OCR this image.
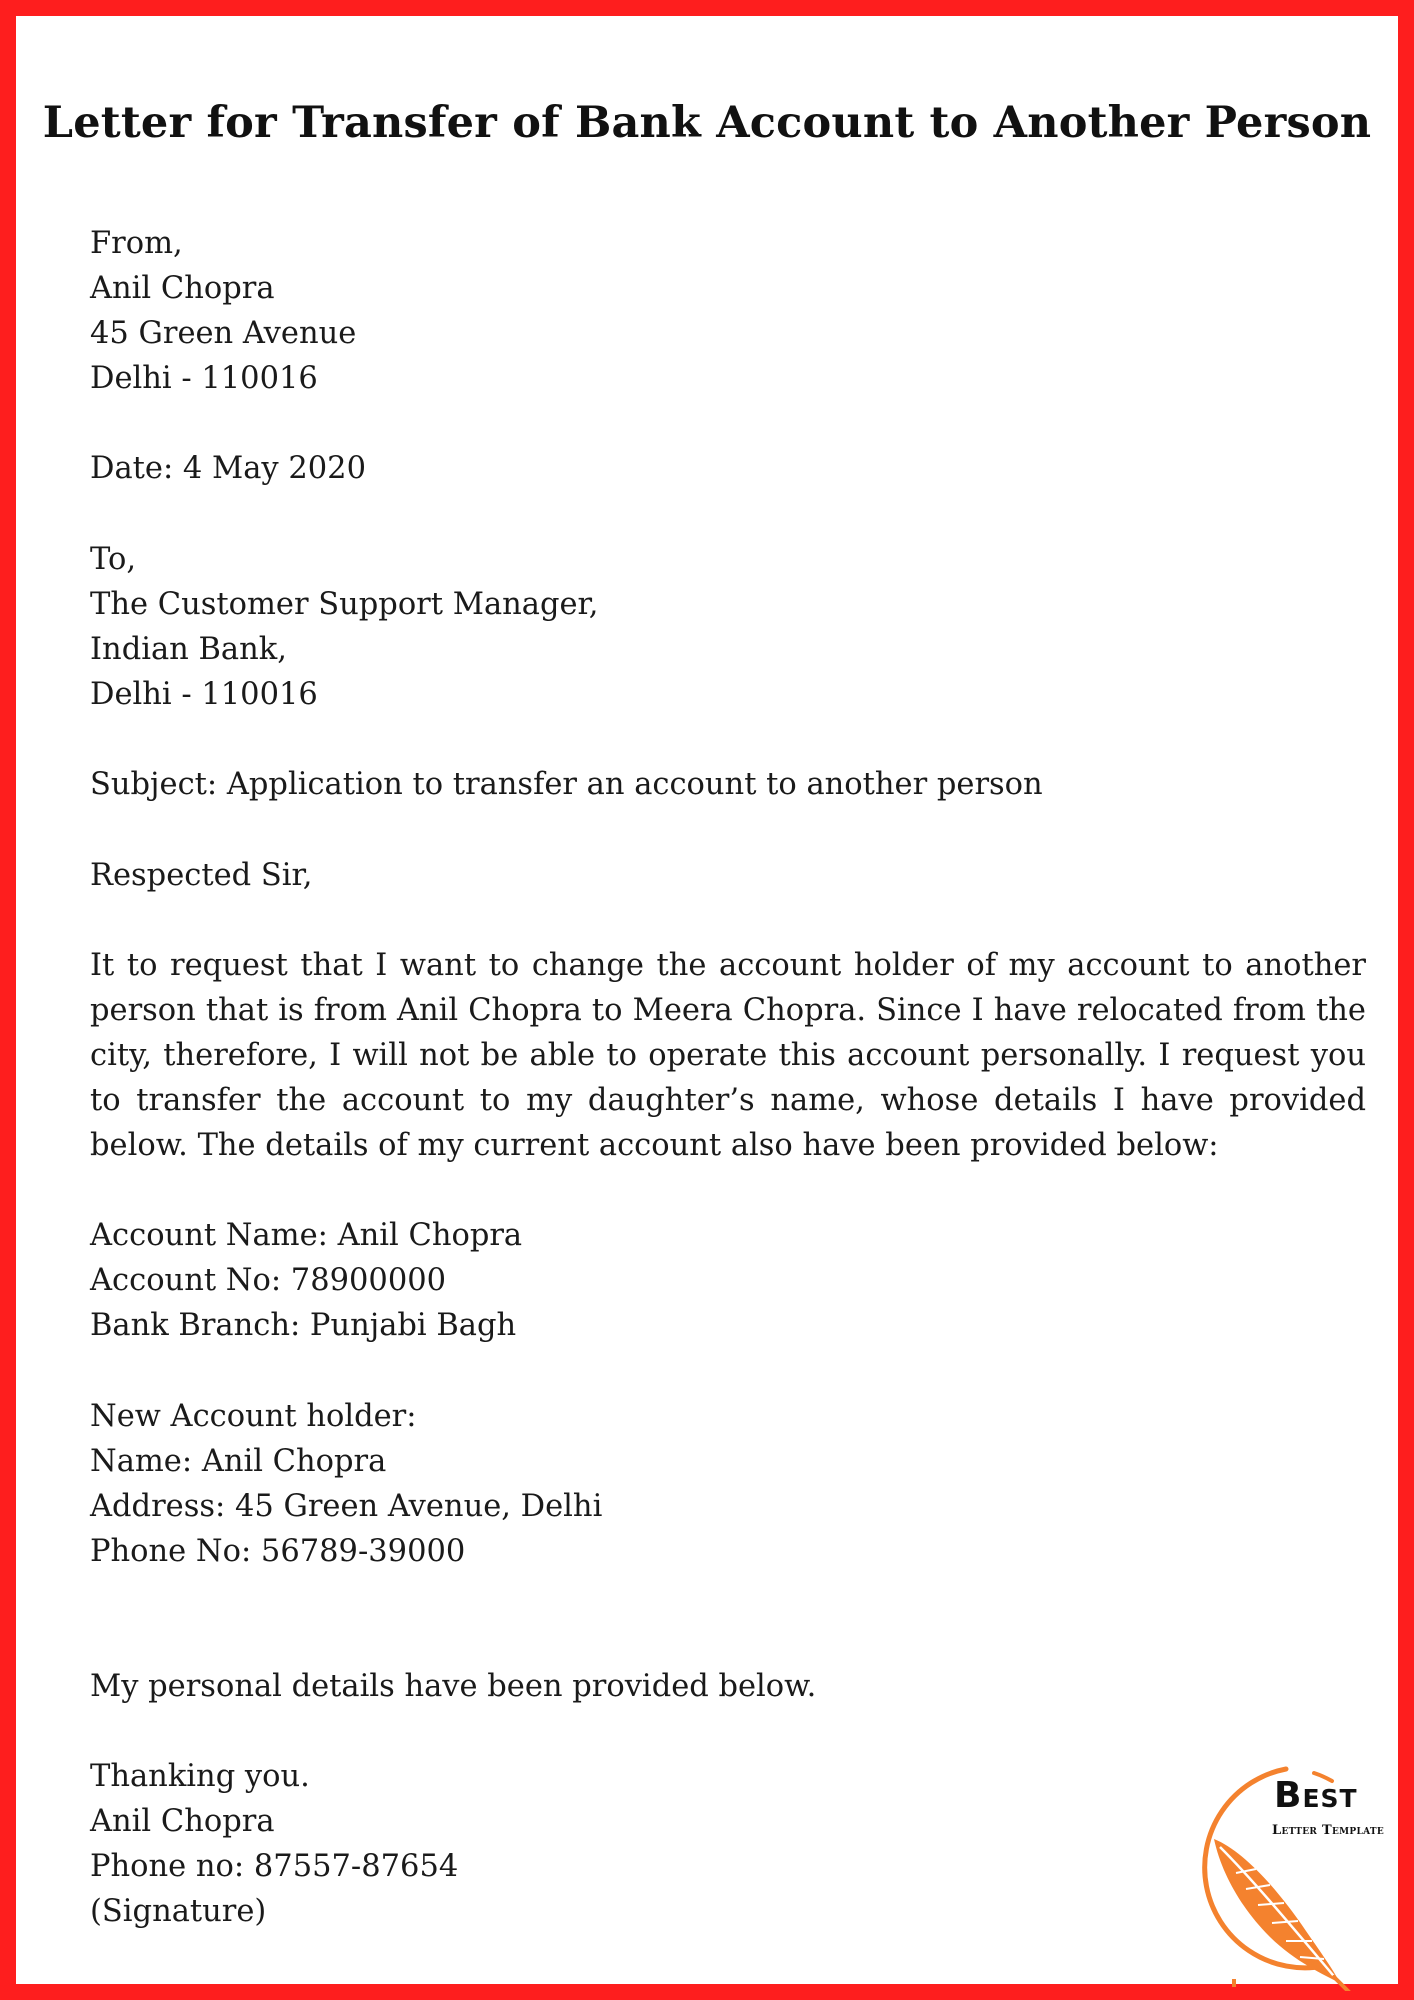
Letter for Transfer of Bank Account to Another Person
From,
Anil Chopra
45 Green Avenue
Delhi - 110016
Date: 4 May 2020
To,
The Customer Support Manager,
Indian Bank,
Delhi - 110016
Subject: Application to transfer an account to another person
Respected Sir,
It to request that I want to change the account holder of my account to another person that is from Anil Chopra to Meera Chopra. Since I have relocated from the city, therefore, I will not be able to operate this account personally. I request you to transfer the account to my daughter’s name, whose details I have provided below. The details of my current account also have been provided below:
Account Name: Anil Chopra
Account No: 78900000
Bank Branch: Punjabi Bagh
New Account holder:
Name: Anil Chopra
Address: 45 Green Avenue, Delhi
Phone No: 56789-39000
My personal details have been provided below.
Thanking you.
Anil Chopra
Phone no: 87557-87654
(Signature)
Best
Letter Template
